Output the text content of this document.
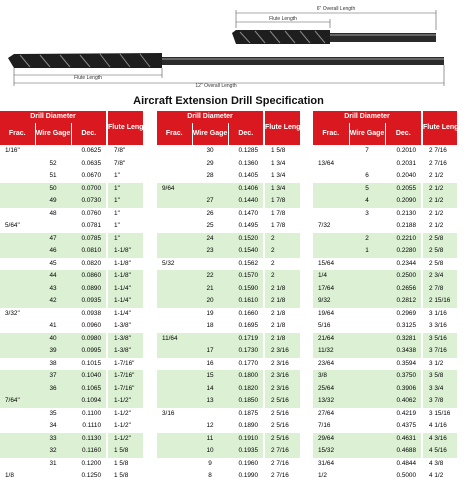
6" Overall Length
Flute Length
Flute Length
12" Overall Length
Aircraft Extension Drill Specification
Drill Diameter			Flute Length
Frac.	Wire Gage	Dec.	
1/16"		0.0625	7/8"
	52	0.0635	7/8"
	51	0.0670	1"
	50	0.0700	1"
	49	0.0730	1"
	48	0.0760	1"
5/64"		0.0781	1"
	47	0.0785	1"
	46	0.0810	1-1/8"
	45	0.0820	1-1/8"
	44	0.0860	1-1/8"
	43	0.0890	1-1/4"
	42	0.0935	1-1/4"
3/32"		0.0938	1-1/4"
	41	0.0960	1-3/8"
	40	0.0980	1-3/8"
	39	0.0995	1-3/8"
	38	0.1015	1-7/16"
	37	0.1040	1-7/16"
	36	0.1065	1-7/16"
7/64"		0.1094	1-1/2"
	35	0.1100	1-1/2"
	34	0.1110	1-1/2"
	33	0.1130	1-1/2"
	32	0.1160	1 5/8
	31	0.1200	1 5/8
1/8		0.1250	1 5/8
Drill Diameter			Flute Length
Frac.	Wire Gage	Dec.	
	30	0.1285	1 5/8
	29	0.1360	1 3/4
	28	0.1405	1 3/4
9/64		0.1406	1 3/4
	27	0.1440	1 7/8
	26	0.1470	1 7/8
	25	0.1495	1 7/8
	24	0.1520	2
	23	0.1540	2
5/32		0.1562	2
	22	0.1570	2
	21	0.1590	2 1/8
	20	0.1610	2 1/8
	19	0.1660	2 1/8
	18	0.1695	2 1/8
11/64		0.1719	2 1/8
	17	0.1730	2 3/16
	16	0.1770	2 3/16
	15	0.1800	2 3/16
	14	0.1820	2 3/16
	13	0.1850	2 5/16
3/16		0.1875	2 5/16
	12	0.1890	2 5/16
	11	0.1910	2 5/16
	10	0.1935	2 7/16
	9	0.1960	2 7/16
	8	0.1990	2 7/16
Drill Diameter			Flute Length
Frac.	Wire Gage	Dec.	
	7	0.2010	2 7/16
13/64		0.2031	2 7/16
	6	0.2040	2 1/2
	5	0.2055	2 1/2
	4	0.2090	2 1/2
	3	0.2130	2 1/2
7/32		0.2188	2 1/2
	2	0.2210	2 5/8
	1	0.2280	2 5/8
15/64		0.2344	2 5/8
1/4		0.2500	2 3/4
17/64		0.2656	2 7/8
9/32		0.2812	2 15/16
19/64		0.2969	3 1/16
5/16		0.3125	3 3/16
21/64		0.3281	3 5/16
11/32		0.3438	3 7/16
23/64		0.3594	3 1/2
3/8		0.3750	3 5/8
25/64		0.3906	3 3/4
13/32		0.4062	3 7/8
27/64		0.4219	3 15/16
7/16		0.4375	4 1/16
29/64		0.4631	4 3/16
15/32		0.4688	4 5/16
31/64		0.4844	4 3/8
1/2		0.5000	4 1/2
